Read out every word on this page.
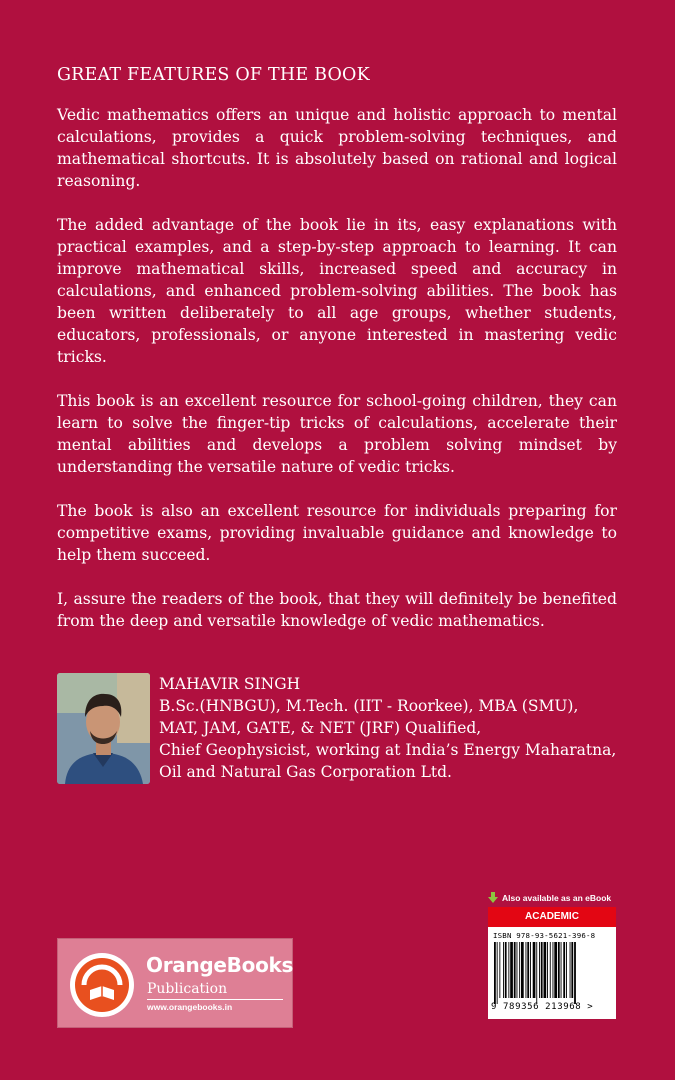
GREAT FEATURES OF THE BOOK

Vedic mathematics offers an unique and holistic approach to mental calculations, provides a quick problem-solving techniques, and mathematical shortcuts. It is absolutely based on rational and logical reasoning.

The added advantage of the book lie in its, easy explanations with practical examples, and a step-by-step approach to learning. It can improve mathematical skills, increased speed and accuracy in calculations, and enhanced problem-solving abilities. The book has been written deliberately to all age groups, whether students, educators, professionals, or anyone interested in mastering vedic tricks.

This book is an excellent resource for school-going children, they can learn to solve the finger-tip tricks of calculations, accelerate their mental abilities and develops a problem solving mindset by understanding the versatile nature of vedic tricks.

The book is also an excellent resource for individuals preparing for competitive exams, providing invaluable guidance and knowledge to help them succeed.

I, assure the readers of the book, that they will definitely be benefited from the deep and versatile knowledge of vedic mathematics.

MAHAVIR SINGH
B.Sc.(HNBGU), M.Tech. (IIT - Roorkee), MBA (SMU),
MAT, JAM, GATE, & NET (JRF) Qualified,
Chief Geophysicist, working at India’s Energy Maharatna,
Oil and Natural Gas Corporation Ltd.
OrangeBooks
Publication
www.orangebooks.in
Also available as an eBook
ACADEMIC
ISBN 978-93-5621-396-8
9 789356 213968 >
